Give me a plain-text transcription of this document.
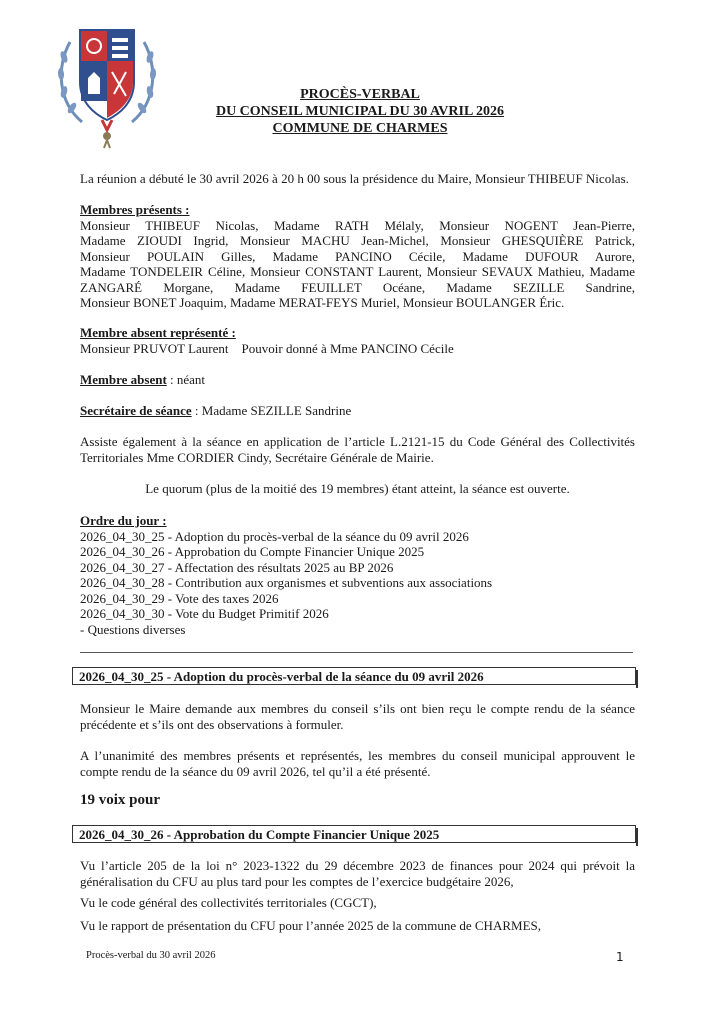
PROCÈS-VERBAL
DU CONSEIL MUNICIPAL DU 30 AVRIL 2026
COMMUNE DE CHARMES
La réunion a débuté le 30 avril 2026 à 20 h 00 sous la présidence du Maire, Monsieur THIBEUF Nicolas.
Membres présents :
Monsieur THIBEUF Nicolas, Madame RATH Mélaly, Monsieur NOGENT Jean-Pierre,
Madame ZIOUDI Ingrid, Monsieur MACHU Jean-Michel, Monsieur GHESQUIÈRE Patrick,
Monsieur POULAIN Gilles, Madame PANCINO Cécile, Madame DUFOUR Aurore,
Madame TONDELEIR Céline, Monsieur CONSTANT Laurent, Monsieur SEVAUX Mathieu, Madame
ZANGARÉ Morgane, Madame FEUILLET Océane, Madame SEZILLE Sandrine,
Monsieur BONET Joaquim, Madame MERAT-FEYS Muriel, Monsieur BOULANGER Éric.
Membre absent représenté :
Monsieur PRUVOT Laurent    Pouvoir donné à Mme PANCINO Cécile
Membre absent : néant
Secrétaire de séance : Madame SEZILLE Sandrine
Assiste également à la séance en application de l’article L.2121-15 du Code Général des Collectivités
Territoriales Mme CORDIER Cindy, Secrétaire Générale de Mairie.
Le quorum (plus de la moitié des 19 membres) étant atteint, la séance est ouverte.
Ordre du jour :
2026_04_30_25 - Adoption du procès-verbal de la séance du 09 avril 2026
2026_04_30_26 - Approbation du Compte Financier Unique 2025
2026_04_30_27 - Affectation des résultats 2025 au BP 2026
2026_04_30_28 - Contribution aux organismes et subventions aux associations
2026_04_30_29 - Vote des taxes 2026
2026_04_30_30 - Vote du Budget Primitif 2026
- Questions diverses
2026_04_30_25 - Adoption du procès-verbal de la séance du 09 avril 2026
Monsieur le Maire demande aux membres du conseil s’ils ont bien reçu le compte rendu de la séance
précédente et s’ils ont des observations à formuler.
A l’unanimité des membres présents et représentés, les membres du conseil municipal approuvent le
compte rendu de la séance du 09 avril 2026, tel qu’il a été présenté.
19 voix pour
2026_04_30_26 - Approbation du Compte Financier Unique 2025
Vu l’article 205 de la loi n° 2023-1322 du 29 décembre 2023 de finances pour 2024 qui prévoit la
généralisation du CFU au plus tard pour les comptes de l’exercice budgétaire 2026,
Vu le code général des collectivités territoriales (CGCT),
Vu le rapport de présentation du CFU pour l’année 2025 de la commune de CHARMES,
Procès-verbal du 30 avril 2026	1
